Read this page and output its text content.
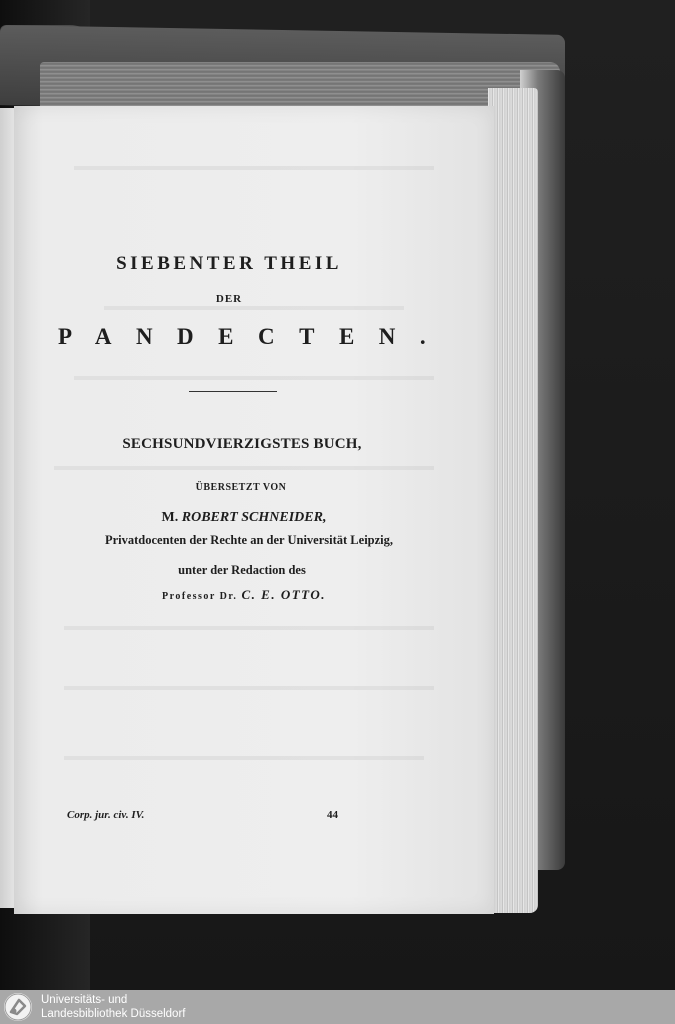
SIEBENTER THEIL
DER
PANDECTEN.
SECHSUNDVIERZIGSTES BUCH,
ÜBERSETZT VON
M. ROBERT SCHNEIDER,
Privatdocenten der Rechte an der Universität Leipzig,
unter der Redaction des
Professor Dr. C. E. OTTO.
Corp. jur. civ. IV.	44
Universitäts- und
Landesbibliothek Düsseldorf
